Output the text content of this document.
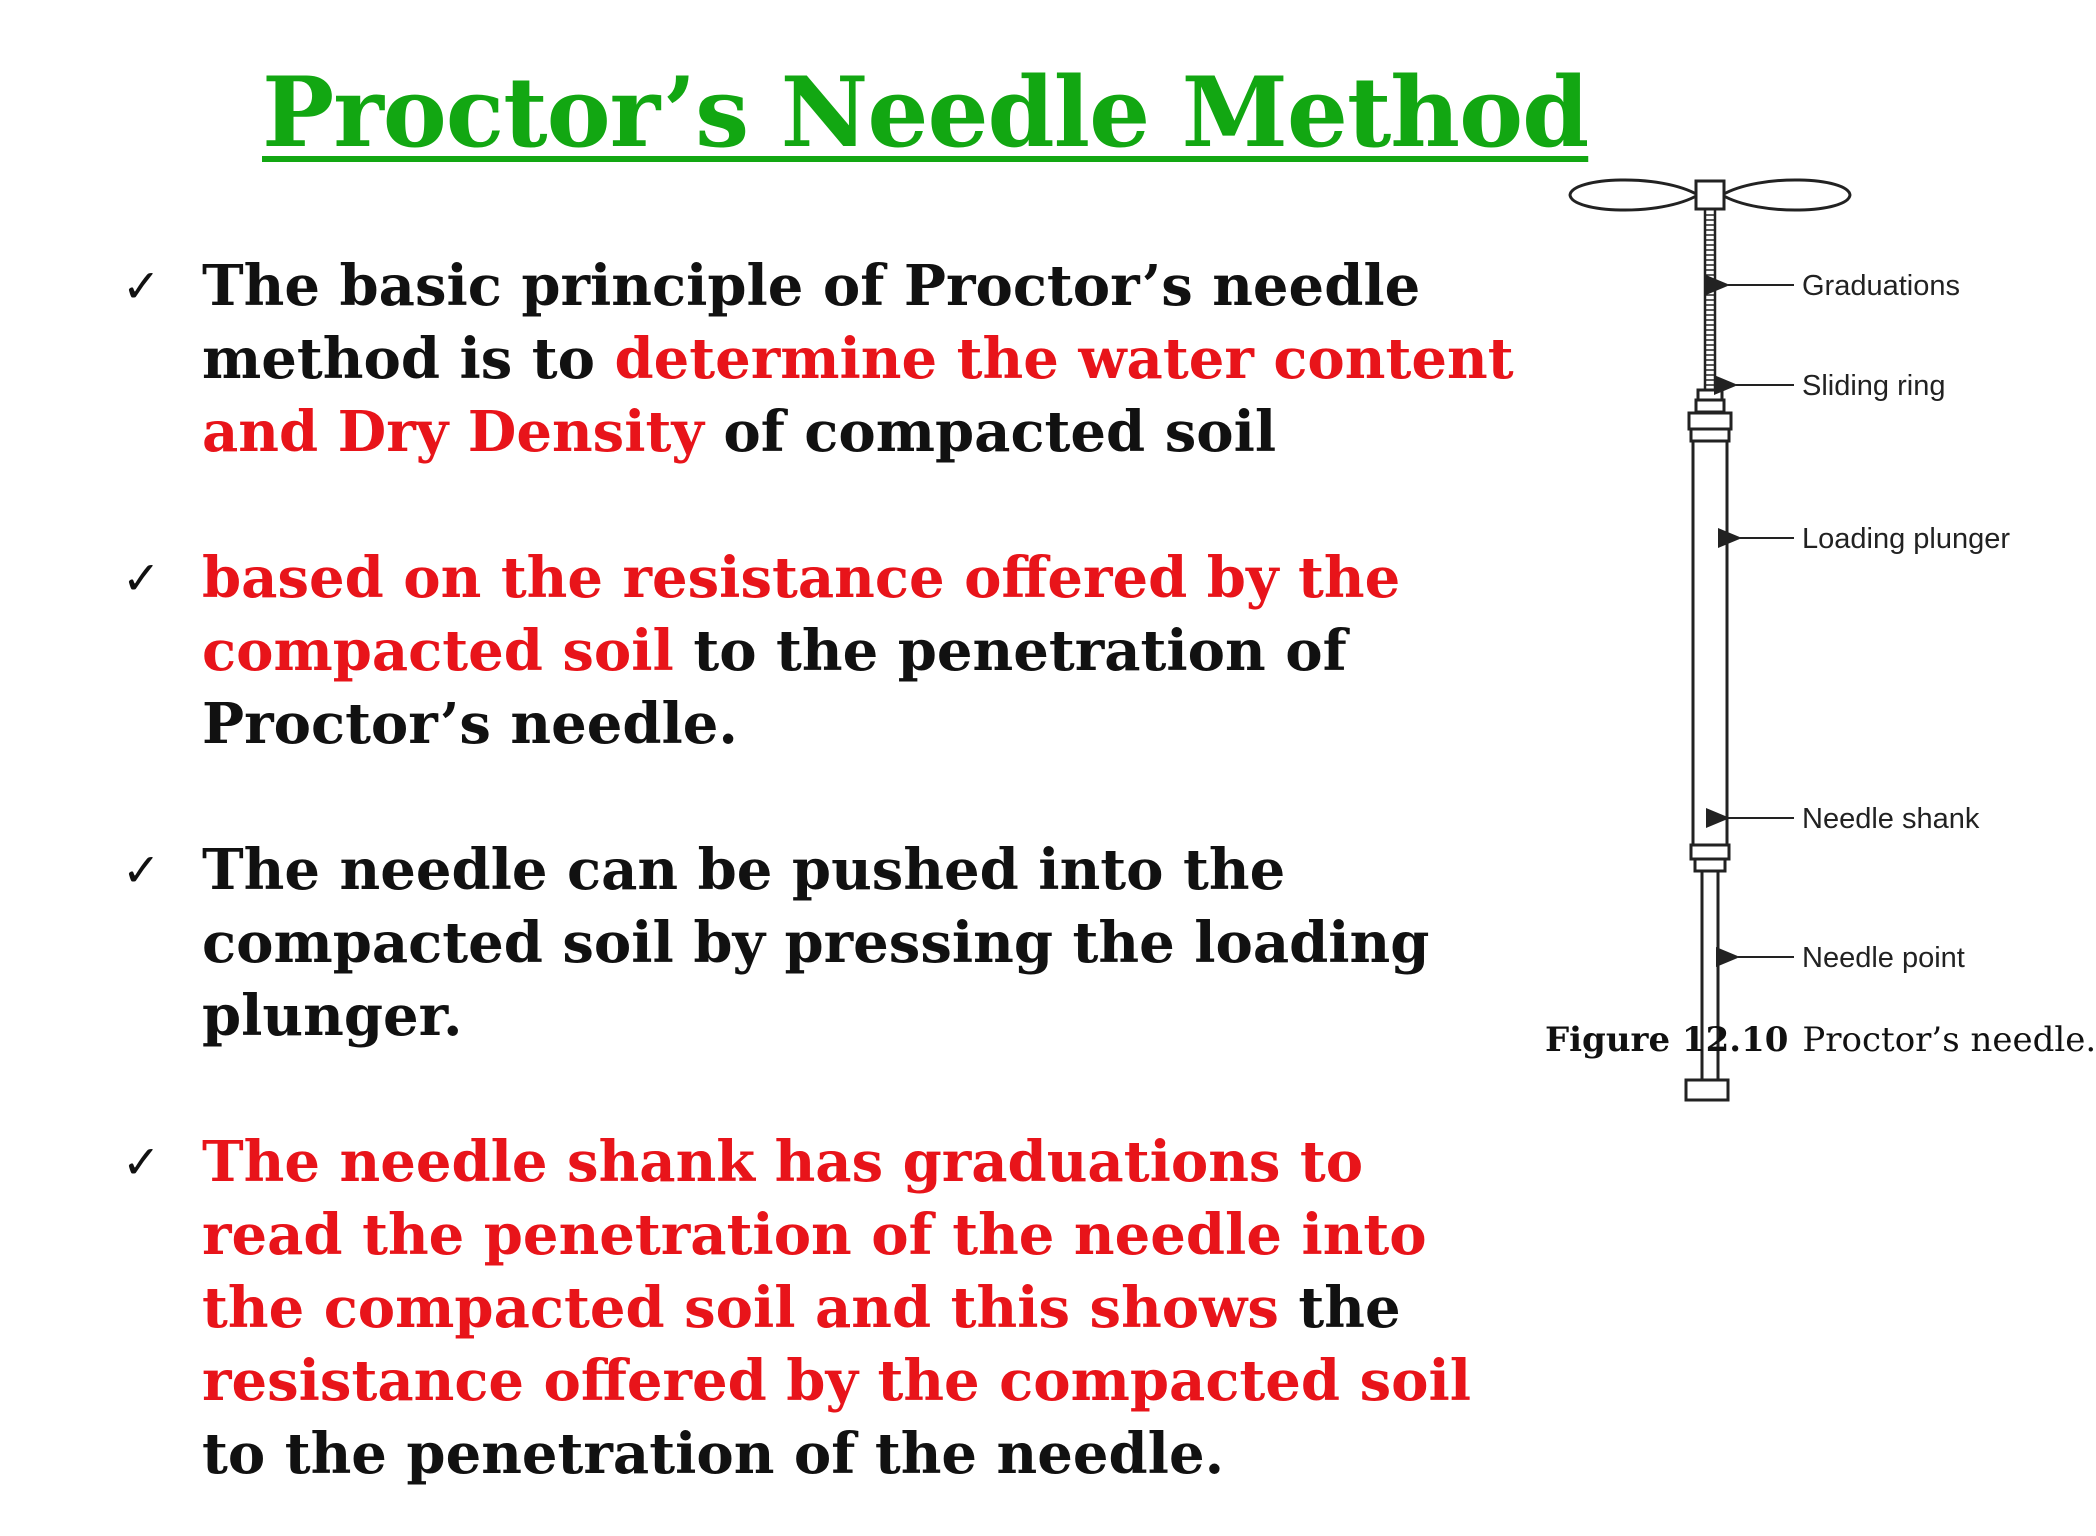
Proctor’s Needle Method
✓ The basic principle of Proctor’s needle method is to determine the water content and Dry Density of compacted soil
✓ based on the resistance offered by the compacted soil to the penetration of Proctor’s needle.
✓ The needle can be pushed into the compacted soil by pressing the loading plunger.
✓ The needle shank has graduations to read the penetration of the needle into the compacted soil and this shows the resistance offered by the compacted soil to the penetration of the needle.
Graduations
Sliding ring
Loading plunger
Needle shank
Needle point
Figure 12.10 Proctor’s needle.
